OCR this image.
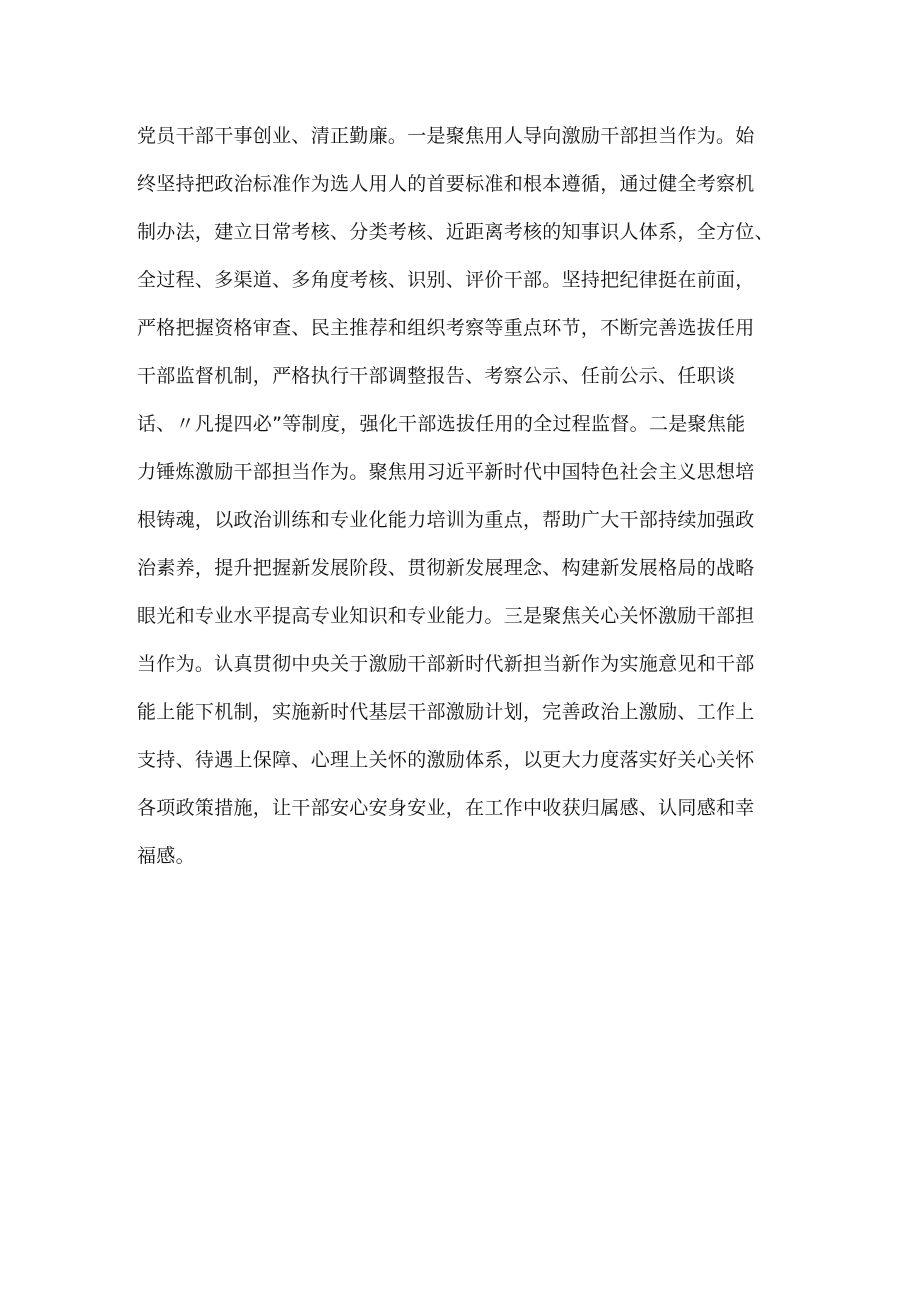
党员干部干事创业、清正勤廉。一是聚焦用人导向激励干部担当作为。始
终坚持把政治标准作为选人用人的首要标准和根本遵循，通过健全考察机
制办法，建立日常考核、分类考核、近距离考核的知事识人体系，全方位、
全过程、多渠道、多角度考核、识别、评价干部。坚持把纪律挺在前面，
严格把握资格审查、民主推荐和组织考察等重点环节，不断完善选拔任用
干部监督机制，严格执行干部调整报告、考察公示、任前公示、任职谈
话、〃凡提四必”等制度，强化干部选拔任用的全过程监督。二是聚焦能
力锤炼激励干部担当作为。聚焦用习近平新时代中国特色社会主义思想培
根铸魂，以政治训练和专业化能力培训为重点，帮助广大干部持续加强政
治素养，提升把握新发展阶段、贯彻新发展理念、构建新发展格局的战略
眼光和专业水平提高专业知识和专业能力。三是聚焦关心关怀激励干部担
当作为。认真贯彻中央关于激励干部新时代新担当新作为实施意见和干部
能上能下机制，实施新时代基层干部激励计划，完善政治上激励、工作上
支持、待遇上保障、心理上关怀的激励体系，以更大力度落实好关心关怀
各项政策措施，让干部安心安身安业，在工作中收获归属感、认同感和幸
福感。
